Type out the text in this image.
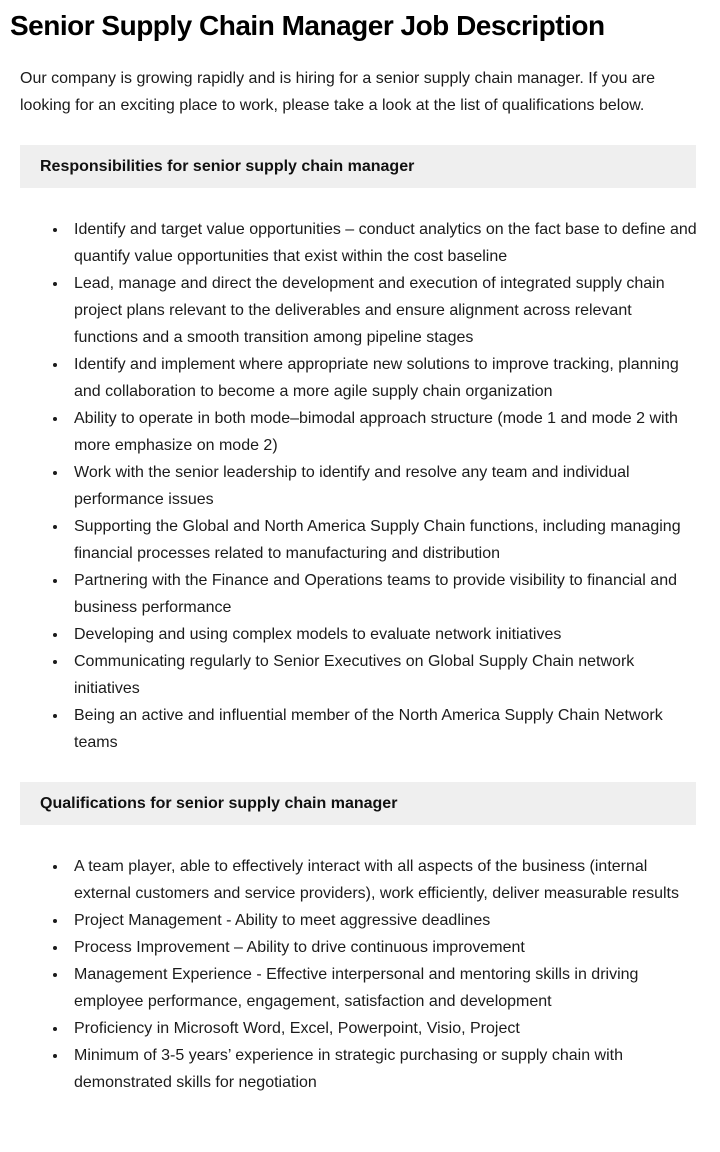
Senior Supply Chain Manager Job Description

Our company is growing rapidly and is hiring for a senior supply chain manager. If you are looking for an exciting place to work, please take a look at the list of qualifications below.

Responsibilities for senior supply chain manager
• Identify and target value opportunities – conduct analytics on the fact base to define and quantify value opportunities that exist within the cost baseline
• Lead, manage and direct the development and execution of integrated supply chain project plans relevant to the deliverables and ensure alignment across relevant functions and a smooth transition among pipeline stages
• Identify and implement where appropriate new solutions to improve tracking, planning and collaboration to become a more agile supply chain organization
• Ability to operate in both mode–bimodal approach structure (mode 1 and mode 2 with more emphasize on mode 2)
• Work with the senior leadership to identify and resolve any team and individual performance issues
• Supporting the Global and North America Supply Chain functions, including managing financial processes related to manufacturing and distribution
• Partnering with the Finance and Operations teams to provide visibility to financial and business performance
• Developing and using complex models to evaluate network initiatives
• Communicating regularly to Senior Executives on Global Supply Chain network initiatives
• Being an active and influential member of the North America Supply Chain Network teams
Qualifications for senior supply chain manager
• A team player, able to effectively interact with all aspects of the business (internal external customers and service providers), work efficiently, deliver measurable results
• Project Management - Ability to meet aggressive deadlines
• Process Improvement – Ability to drive continuous improvement
• Management Experience - Effective interpersonal and mentoring skills in driving employee performance, engagement, satisfaction and development
• Proficiency in Microsoft Word, Excel, Powerpoint, Visio, Project
• Minimum of 3-5 years’ experience in strategic purchasing or supply chain with demonstrated skills for negotiation
